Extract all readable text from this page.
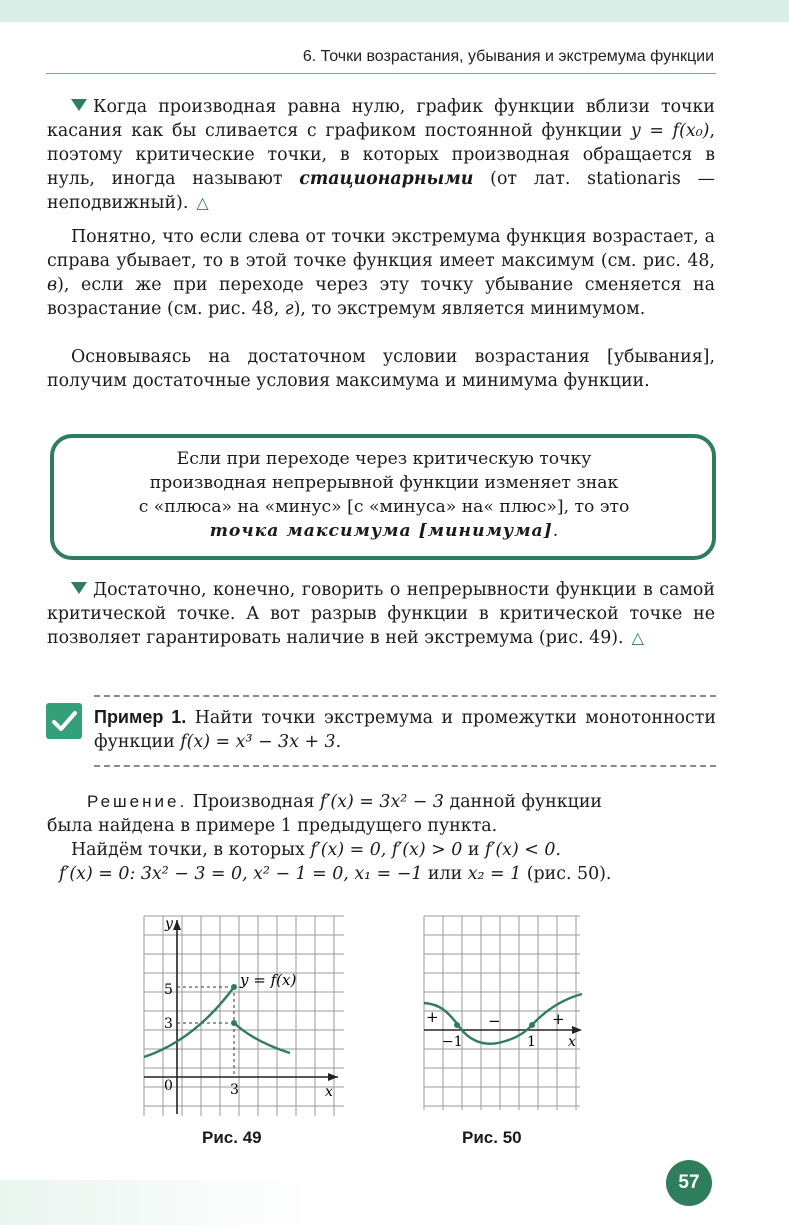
6. Точки возрастания, убывания и экстремума функции
Когда производная равна нулю, график функции вблизи точки касания как бы сливается с графиком постоянной функции y = f(x₀), поэтому критические точки, в которых производная обращается в нуль, иногда называют стационарными (от лат. stationaris — неподвижный). △
Понятно, что если слева от точки экстремума функция возрастает, а справа убывает, то в этой точке функция имеет максимум (см. рис. 48, в), если же при переходе через эту точку убывание сменяется на возрастание (см. рис. 48, г), то экстремум является минимумом.
Основываясь на достаточном условии возрастания [убывания], получим достаточные условия максимума и минимума функции.
Если при переходе через критическую точку
производная непрерывной функции изменяет знак
с «плюса» на «минус» [с «минуса» на« плюс»], то это
точка максимума [минимума].
Достаточно, конечно, говорить о непрерывности функции в самой критической точке. А вот разрыв функции в критической точке не позволяет гарантировать наличие в ней экстремума (рис. 49). △
Пример 1. Найти точки экстремума и промежутки монотонности функции f(x) = x³ − 3x + 3.
Решение. Производная f′(x) = 3x² − 3 данной функции
была найдена в примере 1 предыдущего пункта.
Найдём точки, в которых f′(x) = 0, f′(x) > 0 и f′(x) < 0.
f′(x) = 0: 3x² − 3 = 0, x² − 1 = 0, x₁ = −1 или x₂ = 1 (рис. 50).
y
x
0	3
3
5
y = f(x)
Рис. 49
+	−	+
−1	1 x
Рис. 50
57
